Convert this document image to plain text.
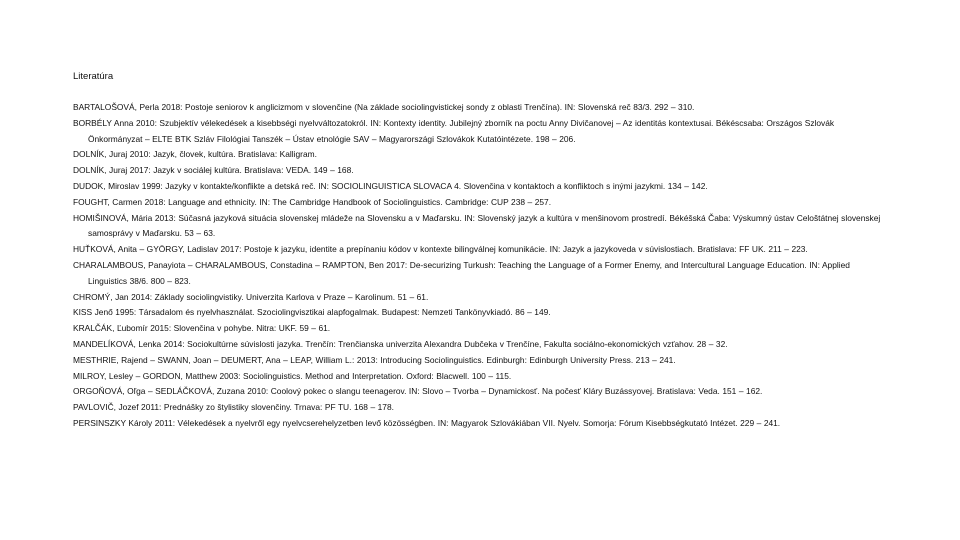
Literatúra
BARTALOŠOVÁ, Perla 2018: Postoje seniorov k anglicizmom v slovenčine (Na základe sociolingvistickej sondy z oblasti Trenčína). IN: Slovenská reč 83/3. 292 – 310.
BORBÉLY Anna 2010: Szubjektív vélekedések a kisebbségi nyelvváltozatokról. IN: Kontexty identity. Jubilejný zborník na poctu Anny Divičanovej – Az identitás kontextusai. Békéscsaba: Országos Szlovák Önkormányzat – ELTE BTK Szláv Filológiai Tanszék – Ústav etnológie SAV – Magyarországi Szlovákok Kutatóintézete. 198 – 206.
DOLNÍK, Juraj 2010: Jazyk, človek, kultúra. Bratislava: Kalligram.
DOLNÍK, Juraj 2017: Jazyk v sociálej kultúra. Bratislava: VEDA. 149 – 168.
DUDOK, Miroslav 1999: Jazyky v kontakte/konflikte a detská reč. IN: SOCIOLINGUISTICA SLOVACA 4. Slovenčina v kontaktoch a konfliktoch s inými jazykmi. 134 – 142.
FOUGHT, Carmen 2018: Language and ethnicity. IN: The Cambridge Handbook of Sociolinguistics. Cambridge: CUP 238 – 257.
HOMIŠINOVÁ, Mária 2013: Súčasná jazyková situácia slovenskej mládeže na Slovensku a v Maďarsku. IN: Slovenský jazyk a kultúra v menšinovom prostredí. Békéšská Čaba: Výskumný ústav Celoštátnej slovenskej samosprávy v Maďarsku. 53 – 63.
HUŤKOVÁ, Anita – GYÖRGY, Ladislav 2017: Postoje k jazyku, identite a prepínaniu kódov v kontexte bilingválnej komunikácie. IN: Jazyk a jazykoveda v súvislostiach. Bratislava: FF UK. 211 – 223.
CHARALAMBOUS, Panayiota – CHARALAMBOUS, Constadina – RAMPTON, Ben 2017: De-securizing Turkush: Teaching the Language of a Former Enemy, and Intercultural Language Education. IN: Applied Linguistics 38/6. 800 – 823.
CHROMÝ, Jan 2014: Základy sociolingvistiky. Univerzita Karlova v Praze – Karolinum. 51 – 61.
KISS Jenő 1995: Társadalom és nyelvhasználat. Szociolingvisztikai alapfogalmak. Budapest: Nemzeti Tankönyvkiadó. 86 – 149.
KRALČÁK, Ľubomír 2015: Slovenčina v pohybe. Nitra: UKF. 59 – 61.
MANDELÍKOVÁ, Lenka 2014: Sociokultúrne súvislosti jazyka. Trenčín: Trenčianska univerzita Alexandra Dubčeka v Trenčíne, Fakulta sociálno-ekonomických vzťahov. 28 – 32.
MESTHRIE, Rajend – SWANN, Joan – DEUMERT, Ana – LEAP, William L.: 2013: Introducing Sociolinguistics. Edinburgh: Edinburgh University Press. 213 – 241.
MILROY, Lesley – GORDON, Matthew 2003: Sociolinguistics. Method and Interpretation. Oxford: Blacwell. 100 – 115.
ORGOŇOVÁ, Oľga – SEDLÁČKOVÁ, Zuzana 2010: Coolový pokec o slangu teenagerov. IN: Slovo – Tvorba – Dynamickosť. Na počesť Kláry Buzássyovej. Bratislava: Veda. 151 – 162.
PAVLOVIČ, Jozef 2011: Prednášky zo štylistiky slovenčiny. Trnava: PF TU. 168 – 178.
PERSINSZKY Károly 2011: Vélekedések a nyelvről egy nyelvcserehelyzetben levő közösségben. IN: Magyarok Szlovákiában VII. Nyelv. Somorja: Fórum Kisebbségkutató Intézet. 229 – 241.
